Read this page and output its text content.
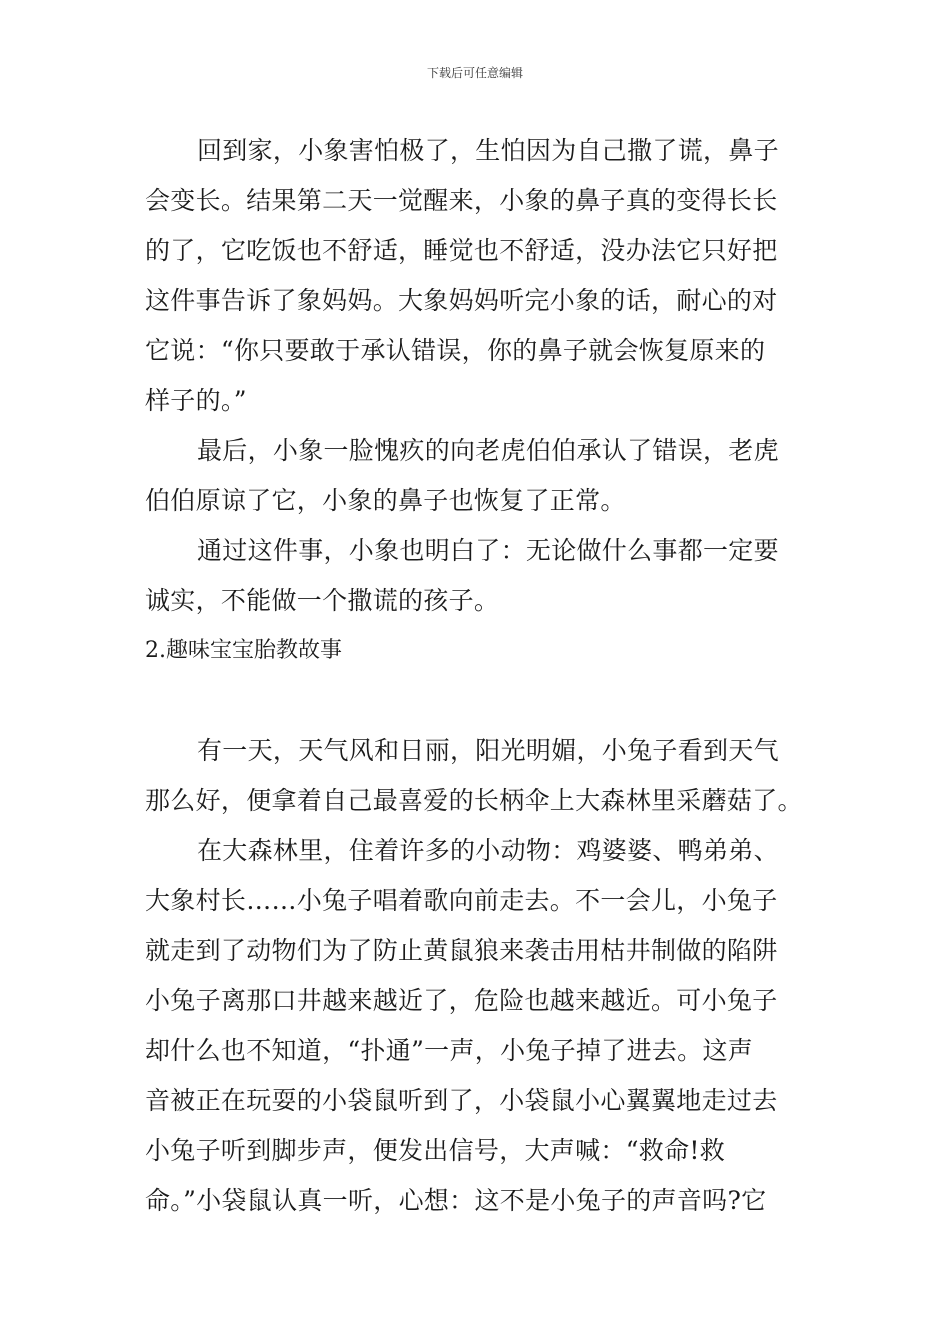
下载后可任意编辑
回到家，小象害怕极了，生怕因为自己撒了谎，鼻子
会变长。结果第二天一觉醒来，小象的鼻子真的变得长长
的了，它吃饭也不舒适，睡觉也不舒适，没办法它只好把
这件事告诉了象妈妈。大象妈妈听完小象的话，耐心的对
它说：“你只要敢于承认错误，你的鼻子就会恢复原来的
样子的。”
最后，小象一脸愧疚的向老虎伯伯承认了错误，老虎
伯伯原谅了它，小象的鼻子也恢复了正常。
通过这件事，小象也明白了：无论做什么事都一定要
诚实，不能做一个撒谎的孩子。
2.趣味宝宝胎教故事
有一天，天气风和日丽，阳光明媚，小兔子看到天气
那么好，便拿着自己最喜爱的长柄伞上大森林里采蘑菇了。
在大森林里，住着许多的小动物：鸡婆婆、鸭弟弟、
大象村长……小兔子唱着歌向前走去。不一会儿，小兔子
就走到了动物们为了防止黄鼠狼来袭击用枯井制做的陷阱
小兔子离那口井越来越近了，危险也越来越近。可小兔子
却什么也不知道，“扑通”一声，小兔子掉了进去。这声
音被正在玩耍的小袋鼠听到了，小袋鼠小心翼翼地走过去
小兔子听到脚步声，便发出信号，大声喊：“救命!救
命。”小袋鼠认真一听，心想：这不是小兔子的声音吗?它
